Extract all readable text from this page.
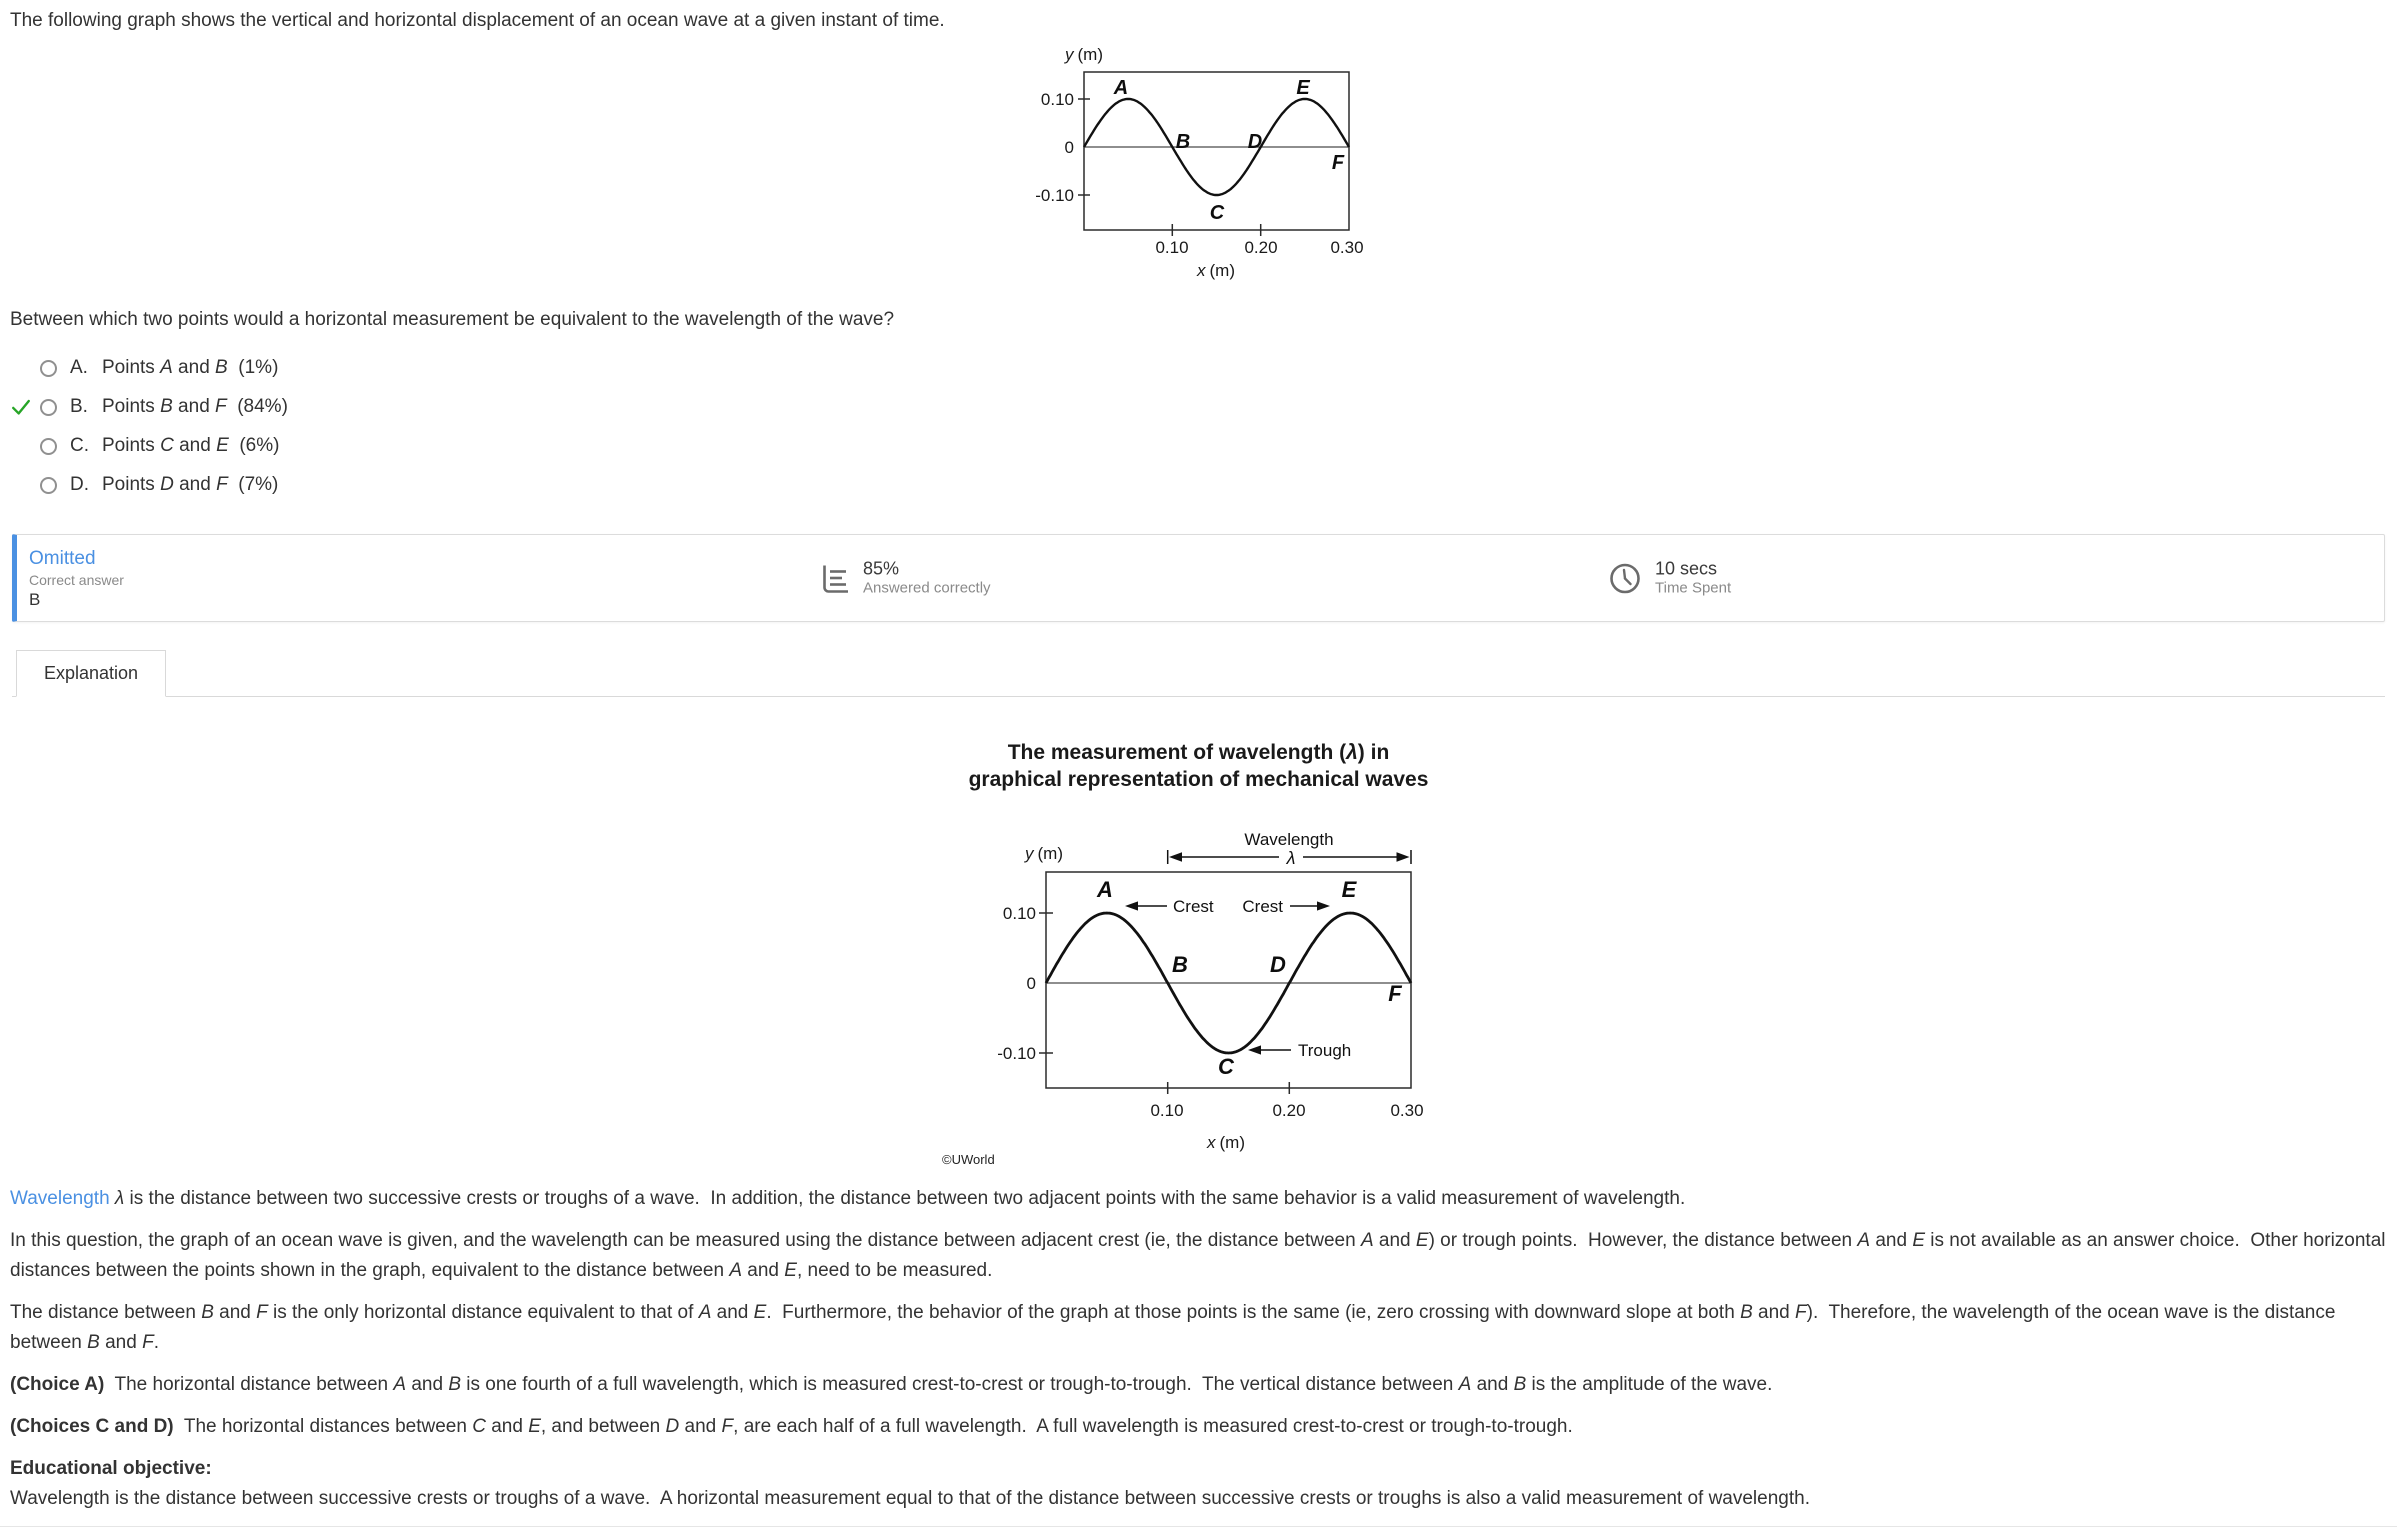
The following graph shows the vertical and horizontal displacement of an ocean wave at a given instant of time.
y (m)
0.10
0
-0.10
0.10	0.20	0.30
x (m)
A
B
C
D
E
F
Between which two points would a horizontal measurement be equivalent to the wavelength of the wave?
A. Points A and B  (1%)
B. Points B and F  (84%)
C. Points C and E  (6%)
D. Points D and F  (7%)
Omitted
Correct answer
B
85%
Answered correctly
10 secs
Time Spent
Explanation
The measurement of wavelength (λ) in
graphical representation of mechanical waves
Wavelength
λ
y (m)
0.10
0
-0.10
0.10	0.20	0.30
x (m)
A
B
C
D
E
F
Crest Crest
Trough
©UWorld

Wavelength λ is the distance between two successive crests or troughs of a wave.  In addition, the distance between two adjacent points with the same behavior is a valid measurement of wavelength.

In this question, the graph of an ocean wave is given, and the wavelength can be measured using the distance between adjacent crest (ie, the distance between A and E) or trough points.  However, the distance between A and E is not available as an answer choice.  Other horizontal distances between the points shown in the graph, equivalent to the distance between A and E, need to be measured.

The distance between B and F is the only horizontal distance equivalent to that of A and E.  Furthermore, the behavior of the graph at those points is the same (ie, zero crossing with downward slope at both B and F).  Therefore, the wavelength of the ocean wave is the distance between B and F.

(Choice A)  The horizontal distance between A and B is one fourth of a full wavelength, which is measured crest-to-crest or trough-to-trough.  The vertical distance between A and B is the amplitude of the wave.

(Choices C and D)  The horizontal distances between C and E, and between D and F, are each half of a full wavelength.  A full wavelength is measured crest-to-crest or trough-to-trough.

Educational objective:

Wavelength is the distance between successive crests or troughs of a wave.  A horizontal measurement equal to that of the distance between successive crests or troughs is also a valid measurement of wavelength.
